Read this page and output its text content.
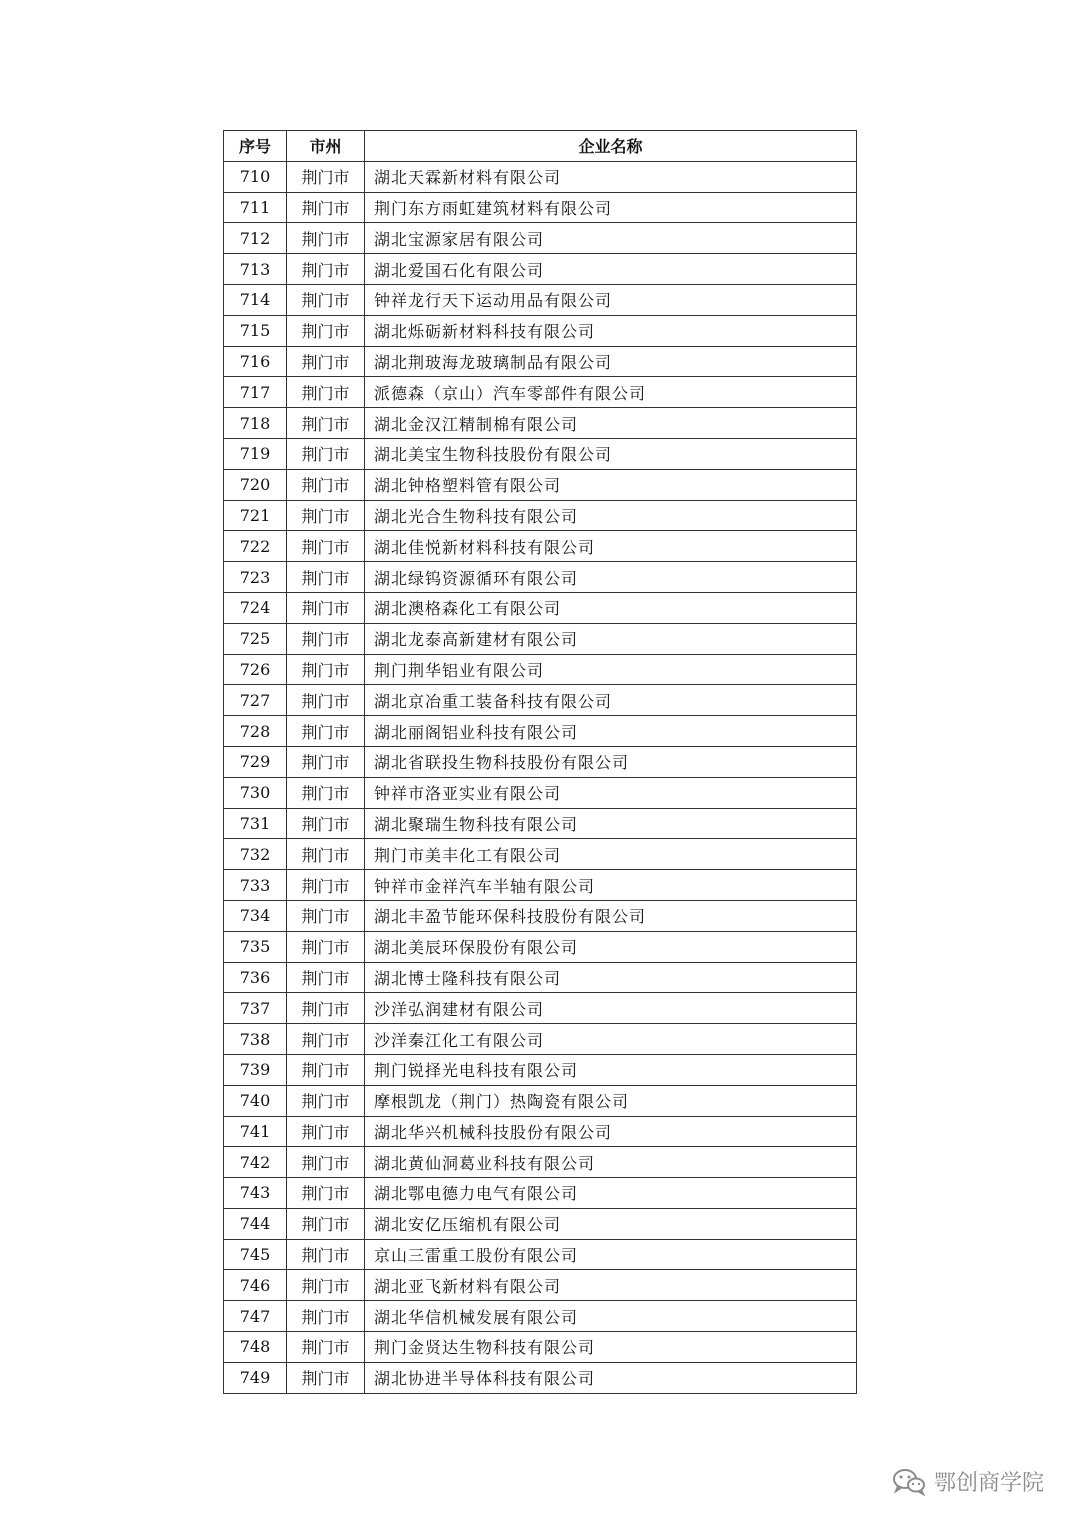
序号	市州	企业名称
710	荆门市	湖北天霖新材料有限公司
711	荆门市	荆门东方雨虹建筑材料有限公司
712	荆门市	湖北宝源家居有限公司
713	荆门市	湖北爱国石化有限公司
714	荆门市	钟祥龙行天下运动用品有限公司
715	荆门市	湖北烁砺新材料科技有限公司
716	荆门市	湖北荆玻海龙玻璃制品有限公司
717	荆门市	派德森（京山）汽车零部件有限公司
718	荆门市	湖北金汉江精制棉有限公司
719	荆门市	湖北美宝生物科技股份有限公司
720	荆门市	湖北钟格塑料管有限公司
721	荆门市	湖北光合生物科技有限公司
722	荆门市	湖北佳悦新材料科技有限公司
723	荆门市	湖北绿钨资源循环有限公司
724	荆门市	湖北澳格森化工有限公司
725	荆门市	湖北龙泰高新建材有限公司
726	荆门市	荆门荆华铝业有限公司
727	荆门市	湖北京冶重工装备科技有限公司
728	荆门市	湖北丽阁铝业科技有限公司
729	荆门市	湖北省联投生物科技股份有限公司
730	荆门市	钟祥市洛亚实业有限公司
731	荆门市	湖北聚瑞生物科技有限公司
732	荆门市	荆门市美丰化工有限公司
733	荆门市	钟祥市金祥汽车半轴有限公司
734	荆门市	湖北丰盈节能环保科技股份有限公司
735	荆门市	湖北美辰环保股份有限公司
736	荆门市	湖北博士隆科技有限公司
737	荆门市	沙洋弘润建材有限公司
738	荆门市	沙洋秦江化工有限公司
739	荆门市	荆门锐择光电科技有限公司
740	荆门市	摩根凯龙（荆门）热陶瓷有限公司
741	荆门市	湖北华兴机械科技股份有限公司
742	荆门市	湖北黄仙洞葛业科技有限公司
743	荆门市	湖北鄂电德力电气有限公司
744	荆门市	湖北安亿压缩机有限公司
745	荆门市	京山三雷重工股份有限公司
746	荆门市	湖北亚飞新材料有限公司
747	荆门市	湖北华信机械发展有限公司
748	荆门市	荆门金贤达生物科技有限公司
749	荆门市	湖北协进半导体科技有限公司
鄂创商学院
